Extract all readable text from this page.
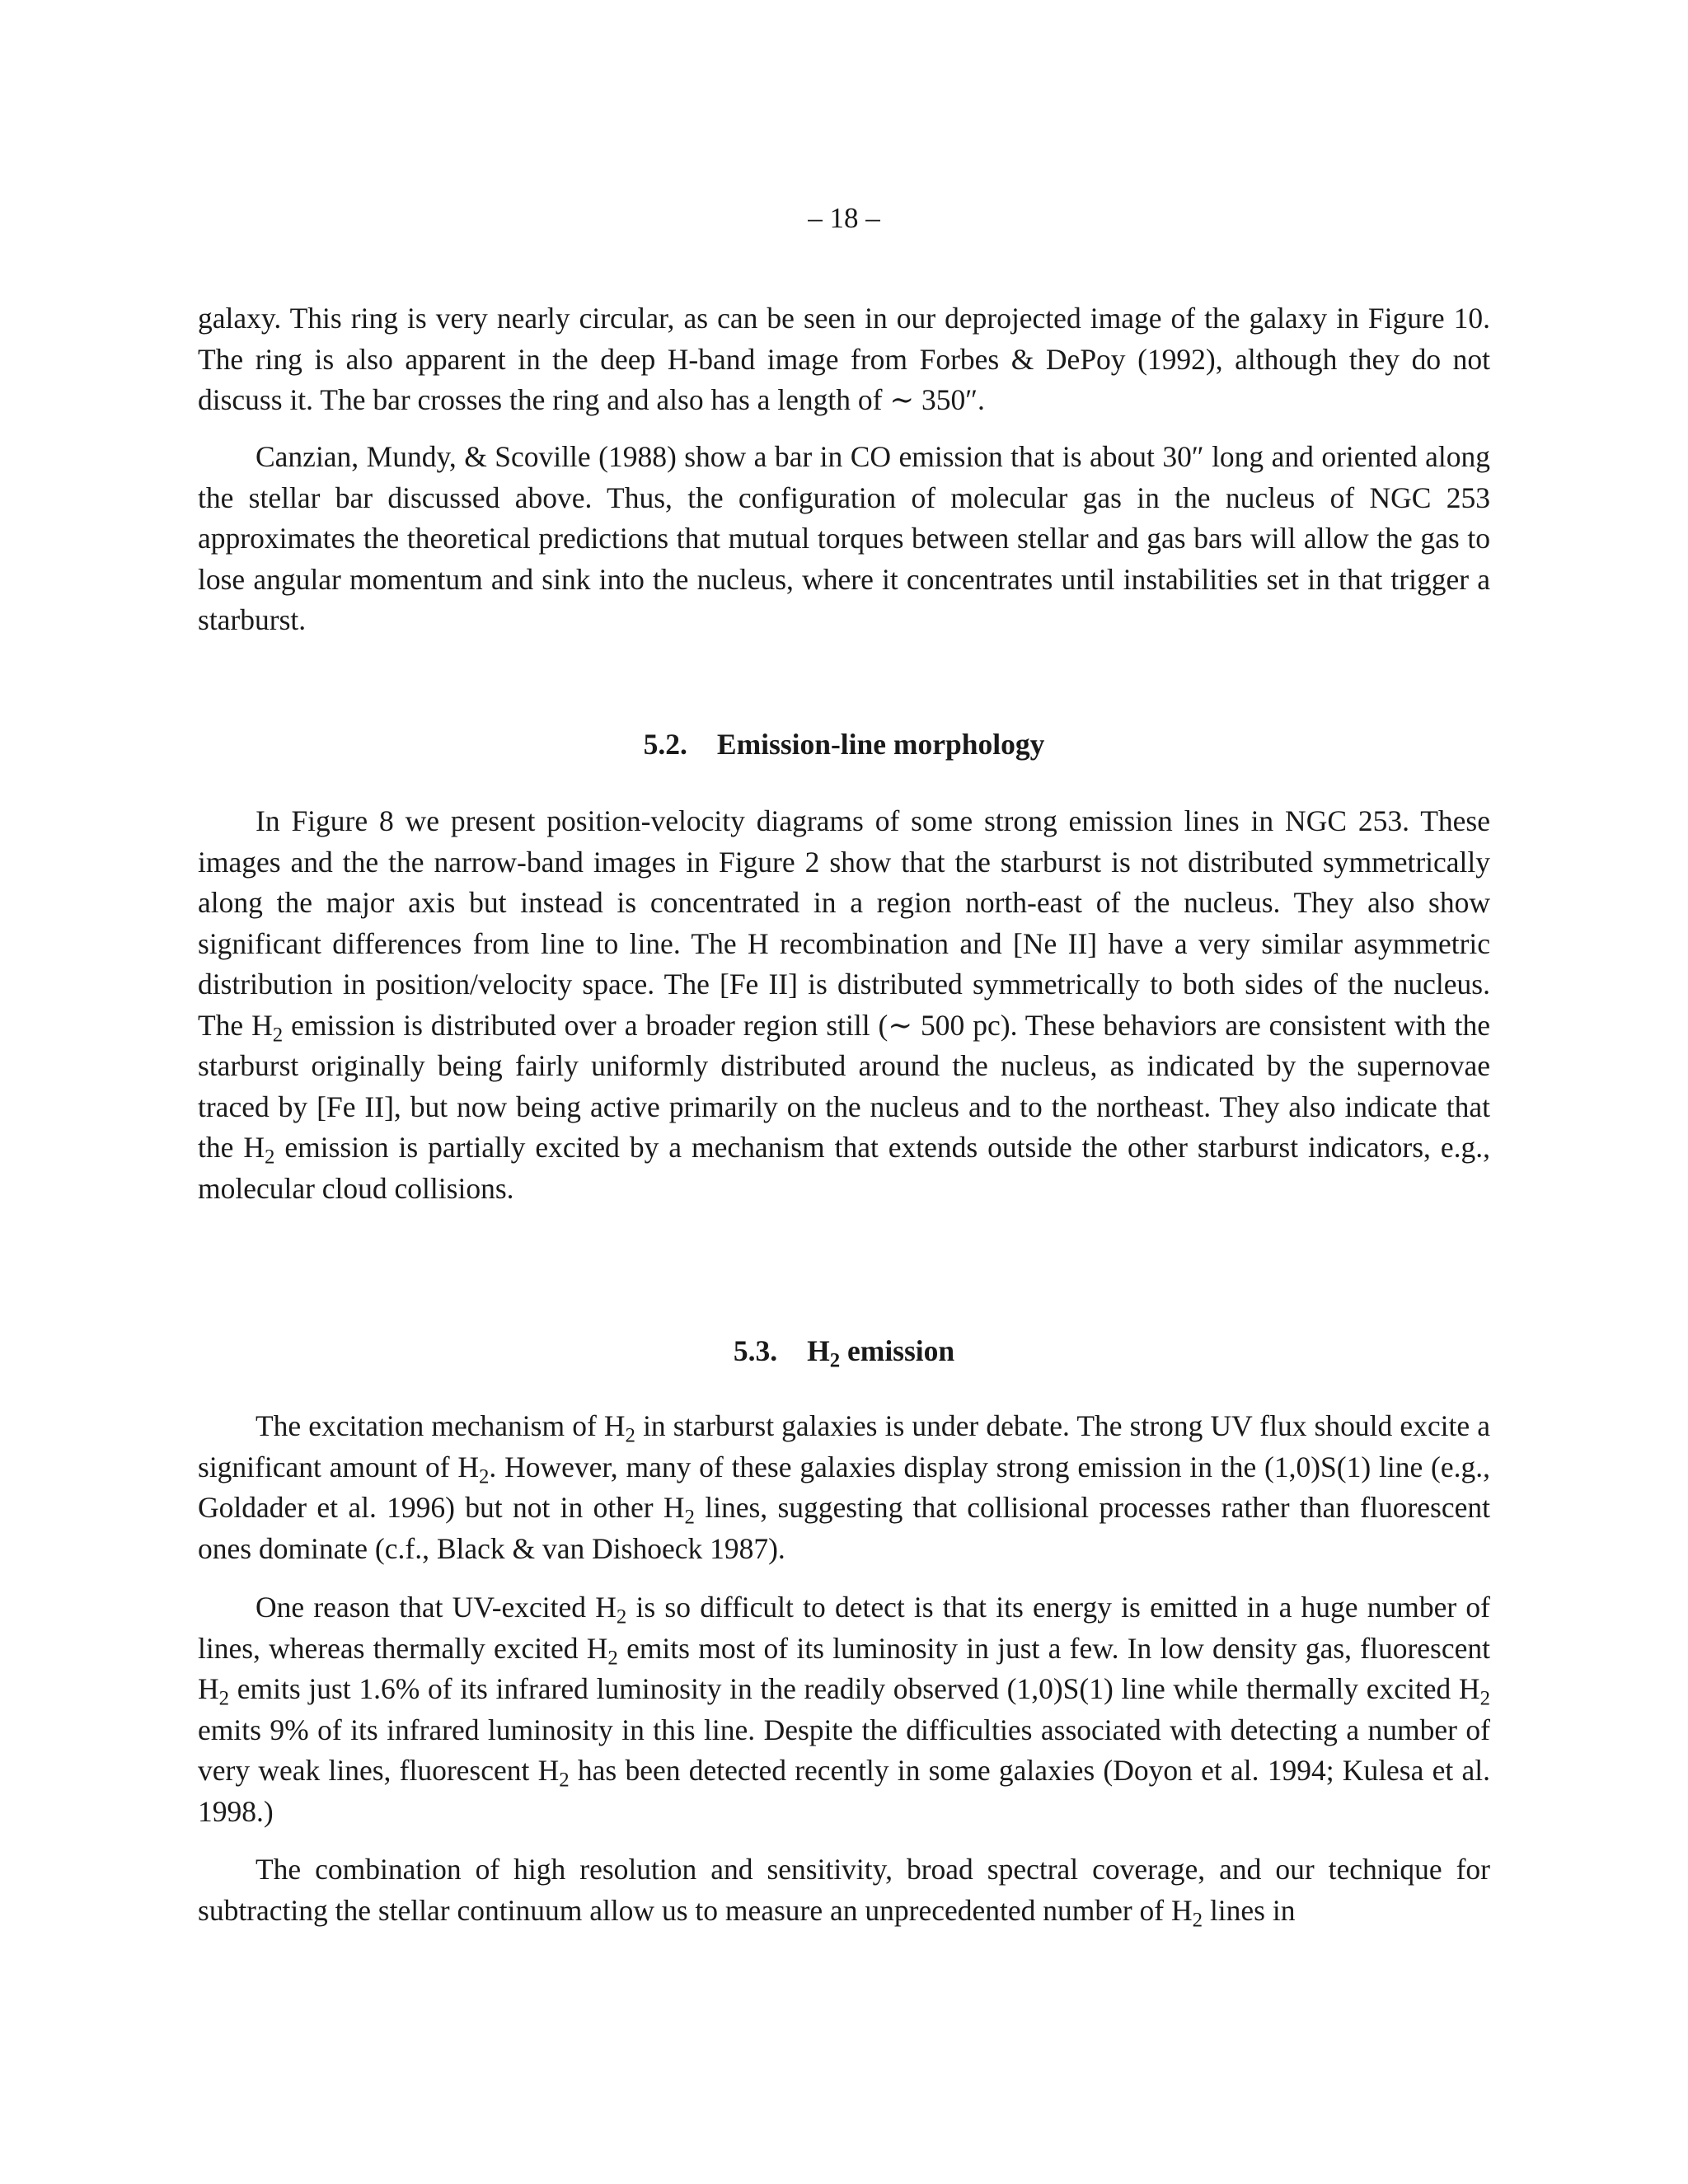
– 18 –

galaxy. This ring is very nearly circular, as can be seen in our deprojected image of the galaxy in Figure 10. The ring is also apparent in the deep H-band image from Forbes & DePoy (1992), although they do not discuss it. The bar crosses the ring and also has a length of ∼ 350″.

Canzian, Mundy, & Scoville (1988) show a bar in CO emission that is about 30″ long and oriented along the stellar bar discussed above. Thus, the configuration of molecular gas in the nucleus of NGC 253 approximates the theoretical predictions that mutual torques between stellar and gas bars will allow the gas to lose angular momentum and sink into the nucleus, where it concentrates until instabilities set in that trigger a starburst.

5.2. Emission-line morphology

In Figure 8 we present position-velocity diagrams of some strong emission lines in NGC 253. These images and the the narrow-band images in Figure 2 show that the starburst is not distributed symmetrically along the major axis but instead is concentrated in a region north-east of the nucleus. They also show significant differences from line to line. The H recombination and [Ne II] have a very similar asymmetric distribution in position/velocity space. The [Fe II] is distributed symmetrically to both sides of the nucleus. The $H_2$ emission is distributed over a broader region still (∼ 500 pc). These behaviors are consistent with the starburst originally being fairly uniformly distributed around the nucleus, as indicated by the supernovae traced by [Fe II], but now being active primarily on the nucleus and to the northeast. They also indicate that the $H_2$ emission is partially excited by a mechanism that extends outside the other starburst indicators, e.g., molecular cloud collisions.

5.3. $H_2$ emission

The excitation mechanism of $H_2$ in starburst galaxies is under debate. The strong UV flux should excite a significant amount of $H_2$. However, many of these galaxies display strong emission in the (1,0)S(1) line (e.g., Goldader et al. 1996) but not in other $H_2$ lines, suggesting that collisional processes rather than fluorescent ones dominate (c.f., Black & van Dishoeck 1987).

One reason that UV-excited $H_2$ is so difficult to detect is that its energy is emitted in a huge number of lines, whereas thermally excited $H_2$ emits most of its luminosity in just a few. In low density gas, fluorescent $H_2$ emits just 1.6% of its infrared luminosity in the readily observed (1,0)S(1) line while thermally excited $H_2$ emits 9% of its infrared luminosity in this line. Despite the difficulties associated with detecting a number of very weak lines, fluorescent $H_2$ has been detected recently in some galaxies (Doyon et al. 1994; Kulesa et al. 1998.)

The combination of high resolution and sensitivity, broad spectral coverage, and our technique for subtracting the stellar continuum allow us to measure an unprecedented number of $H_2$ lines in
